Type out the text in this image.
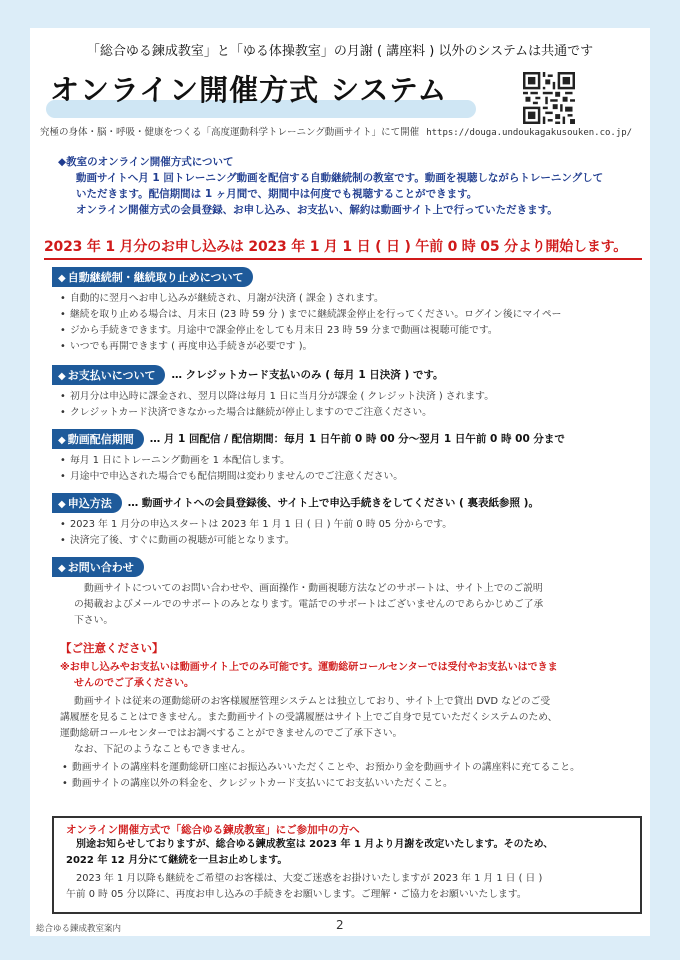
「総合ゆる鍊成教室」と「ゆる体操教室」の月謝 ( 講座料 ) 以外のシステムは共通です
オンライン開催方式 システム
究極の身体・脳・呼吸・健康をつくる「高度運動科学トレーニング動画サイト」にて開催 https://douga.undoukagakusouken.co.jp/
◆教室のオンライン開催方式について

動画サイトへ月 1 回トレーニング動画を配信する自動継続制の教室です。動画を視聴しながらトレーニングして

いただきます。配信期間は 1 ヶ月間で、期間中は何度でも視聴することができます。

オンライン開催方式の会員登録、お申し込み、お支払い、解約は動画サイト上で行っていただきます。

2023 年 1 月分のお申し込みは 2023 年 1 月 1 日 ( 日 ) 午前 0 時 05 分より開始します。
◆ 自動継続制・継続取り止めについて
• 自動的に翌月へお申し込みが継続され、月謝が決済 ( 課金 ) されます。
• 継続を取り止める場合は、月末日 (23 時 59 分 ) までに継続課金停止を行ってください。ログイン後にマイペー
• ジから手続きできます。月途中で課金停止をしても月末日 23 時 59 分まで動画は視聴可能です。
• いつでも再開できます ( 再度申込手続きが必要です )。
◆ お支払いについて … クレジットカード支払いのみ ( 毎月 1 日決済 ) です。
• 初月分は申込時に課金され、翌月以降は毎月 1 日に当月分が課金 ( クレジット決済 ) されます。
• クレジットカード決済できなかった場合は継続が停止しますのでご注意ください。
◆ 動画配信期間 … 月 1 回配信 / 配信期間：毎月 1 日午前 0 時 00 分～翌月 1 日午前 0 時 00 分まで
• 毎月 1 日にトレーニング動画を 1 本配信します。
• 月途中で申込された場合でも配信期間は変わりませんのでご注意ください。
◆ 申込方法 … 動画サイトへの会員登録後、サイト上で申込手続きをしてください ( 裏表紙参照 )。
• 2023 年 1 月分の申込スタートは 2023 年 1 月 1 日 ( 日 ) 午前 0 時 05 分からです。
• 決済完了後、すぐに動画の視聴が可能となります。
◆ お問い合わせ
動画サイトについてのお問い合わせや、画面操作・動画視聴方法などのサポートは、サイト上でのご説明
の掲載およびメールでのサポートのみとなります。電話でのサポートはございませんのであらかじめご了承
下さい。
【ご注意ください】

※お申し込みやお支払いは動画サイト上でのみ可能です。運動総研コールセンターでは受付やお支払いはできま

せんのでご了承ください。

動画サイトは従来の運動総研のお客様履歴管理システムとは独立しており、サイト上で貸出 DVD などのご受
講履歴を見ることはできません。また動画サイトの受講履歴はサイト上でご自身で見ていただくシステムのため、
運動総研コールセンターではお調べすることができませんのでご了承下さい。
なお、下記のようなこともできません。
• 動画サイトの講座料を運動総研口座にお振込みいいただくことや、お預かり金を動画サイトの講座料に充てること。
• 動画サイトの講座以外の料金を、クレジットカード支払いにてお支払いいただくこと。
オンライン開催方式で「総合ゆる鍊成教室」にご参加中の方へ
別途お知らせしておりますが、総合ゆる鍊成教室は 2023 年 1 月より月謝を改定いたします。そのため、
2022 年 12 月分にて継続を一旦お止めします。
2023 年 1 月以降も継続をご希望のお客様は、大変ご迷惑をお掛けいたしますが 2023 年 1 月 1 日 ( 日 )
午前 0 時 05 分以降に、再度お申し込みの手続きをお願いします。ご理解・ご協力をお願いいたします。
総合ゆる鍊成教室案内	2
